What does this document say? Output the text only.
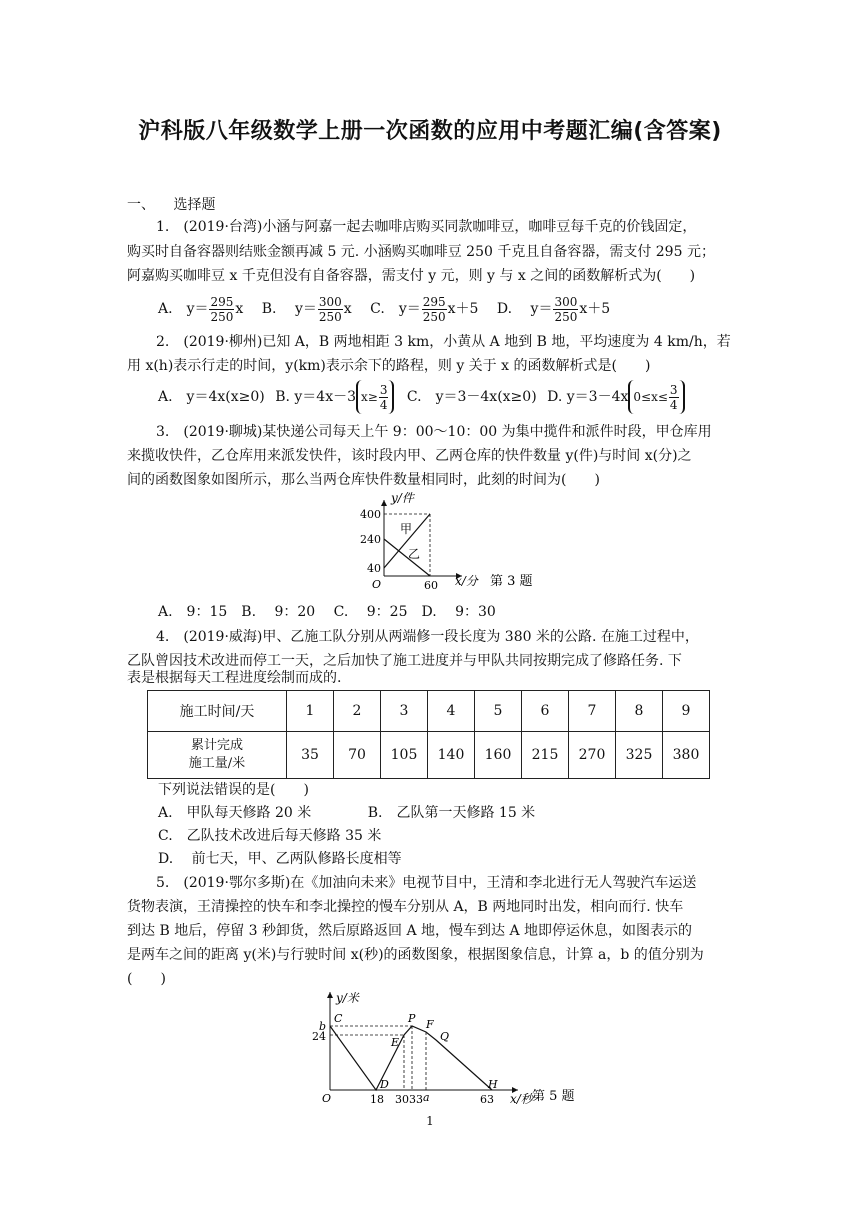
沪科版八年级数学上册一次函数的应用中考题汇编(含答案)
一、 选择题
1.　(2019·台湾)小涵与阿嘉一起去咖啡店购买同款咖啡豆，咖啡豆每千克的价钱固定，
购买时自备容器则结账金额再减 5 元. 小涵购买咖啡豆 250 千克且自备容器，需支付 295 元；
阿嘉购买咖啡豆 x 千克但没有自备容器，需支付 y 元，则 y 与 x 之间的函数解析式为(　　)
A.　 $y= \frac{295}{250}$ x B.　 $y= \frac{300}{250}$ x C.　 $y= \frac{295}{250} x+5$ D.　 $y= \frac{300}{250} x+5$
2.　(2019·柳州)已知 A，B 两地相距 3 km，小黄从 A 地到 B 地，平均速度为 4 km/h，若
用 x(h)表示行走的时间，y(km)表示余下的路程，则 y 关于 x 的函数解析式是(　　)
A.　y＝4x(x≥0) B. y＝4x－3 $x\ge \frac{3}{4} C$.　y＝3－4x(x≥0) D. y＝3－4x $0\le x\le \frac{3}{4}$
3.　(2019·聊城)某快递公司每天上午 9：00～10：00 为集中揽件和派件时段，甲仓库用
来揽收快件，乙仓库用来派发快件，该时段内甲、乙两仓库的快件数量 y(件)与时间 x(分)之
间的函数图象如图所示，那么当两仓库快件数量相同时，此刻的时间为(　　)
y/件
400
240
40
O	60 x/分 第 3 题
甲
乙
A.　9：15　B.　 9：20　 C.　 9：25　D.　 9：30
4.　(2019·威海)甲、乙施工队分别从两端修一段长度为 380 米的公路. 在施工过程中，
乙队曾因技术改进而停工一天，之后加快了施工进度并与甲队共同按期完成了修路任务. 下
表是根据每天工程进度绘制而成的.
施工时间/天	1	2	3	4	5	6	7	8	9

累计完成
施工量/米	35	70	105	140	160	215	270	325	380
下列说法错误的是(　　)
A.　甲队每天修路 20 米	B.　乙队第一天修路 15 米
C.　乙队技术改进后每天修路 35 米
D.　 前七天，甲、乙两队修路长度相等
5.　(2019·鄂尔多斯)在《加油向未来》电视节目中，王清和李北进行无人驾驶汽车运送
货物表演，王清操控的快车和李北操控的慢车分别从 A，B 两地同时出发，相向而行. 快车
到达 B 地后，停留 3 秒卸货，然后原路返回 A 地，慢车到达 A 地即停运休息，如图表示的
是两车之间的距离 y(米)与行驶时间 x(秒)的函数图象，根据图象信息，计算 a，b 的值分别为
(　　)
y/米
b
24
O	18 30 33 a	63 x/秒 第 5 题
C
D
E
P F
Q
H
1
